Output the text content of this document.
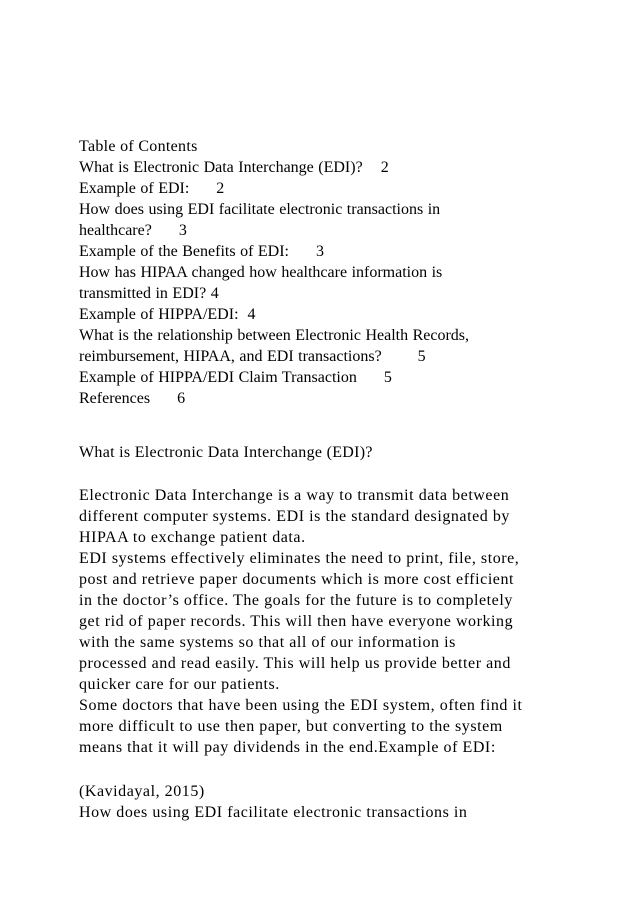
Table of Contents
What is Electronic Data Interchange (EDI)?    2
Example of EDI:      2
How does using EDI facilitate electronic transactions in
healthcare?      3
Example of the Benefits of EDI:      3
How has HIPAA changed how healthcare information is
transmitted in EDI? 4
Example of HIPPA/EDI:  4
What is the relationship between Electronic Health Records,
reimbursement, HIPAA, and EDI transactions?        5
Example of HIPPA/EDI Claim Transaction      5
References      6
What is Electronic Data Interchange (EDI)?
Electronic Data Interchange is a way to transmit data between
different computer systems. EDI is the standard designated by
HIPAA to exchange patient data.
EDI systems effectively eliminates the need to print, file, store,
post and retrieve paper documents which is more cost efficient
in the doctor’s office. The goals for the future is to completely
get rid of paper records. This will then have everyone working
with the same systems so that all of our information is
processed and read easily. This will help us provide better and
quicker care for our patients.
Some doctors that have been using the EDI system, often find it
more difficult to use then paper, but converting to the system
means that it will pay dividends in the end.Example of EDI:
(Kavidayal, 2015)
How does using EDI facilitate electronic transactions in
